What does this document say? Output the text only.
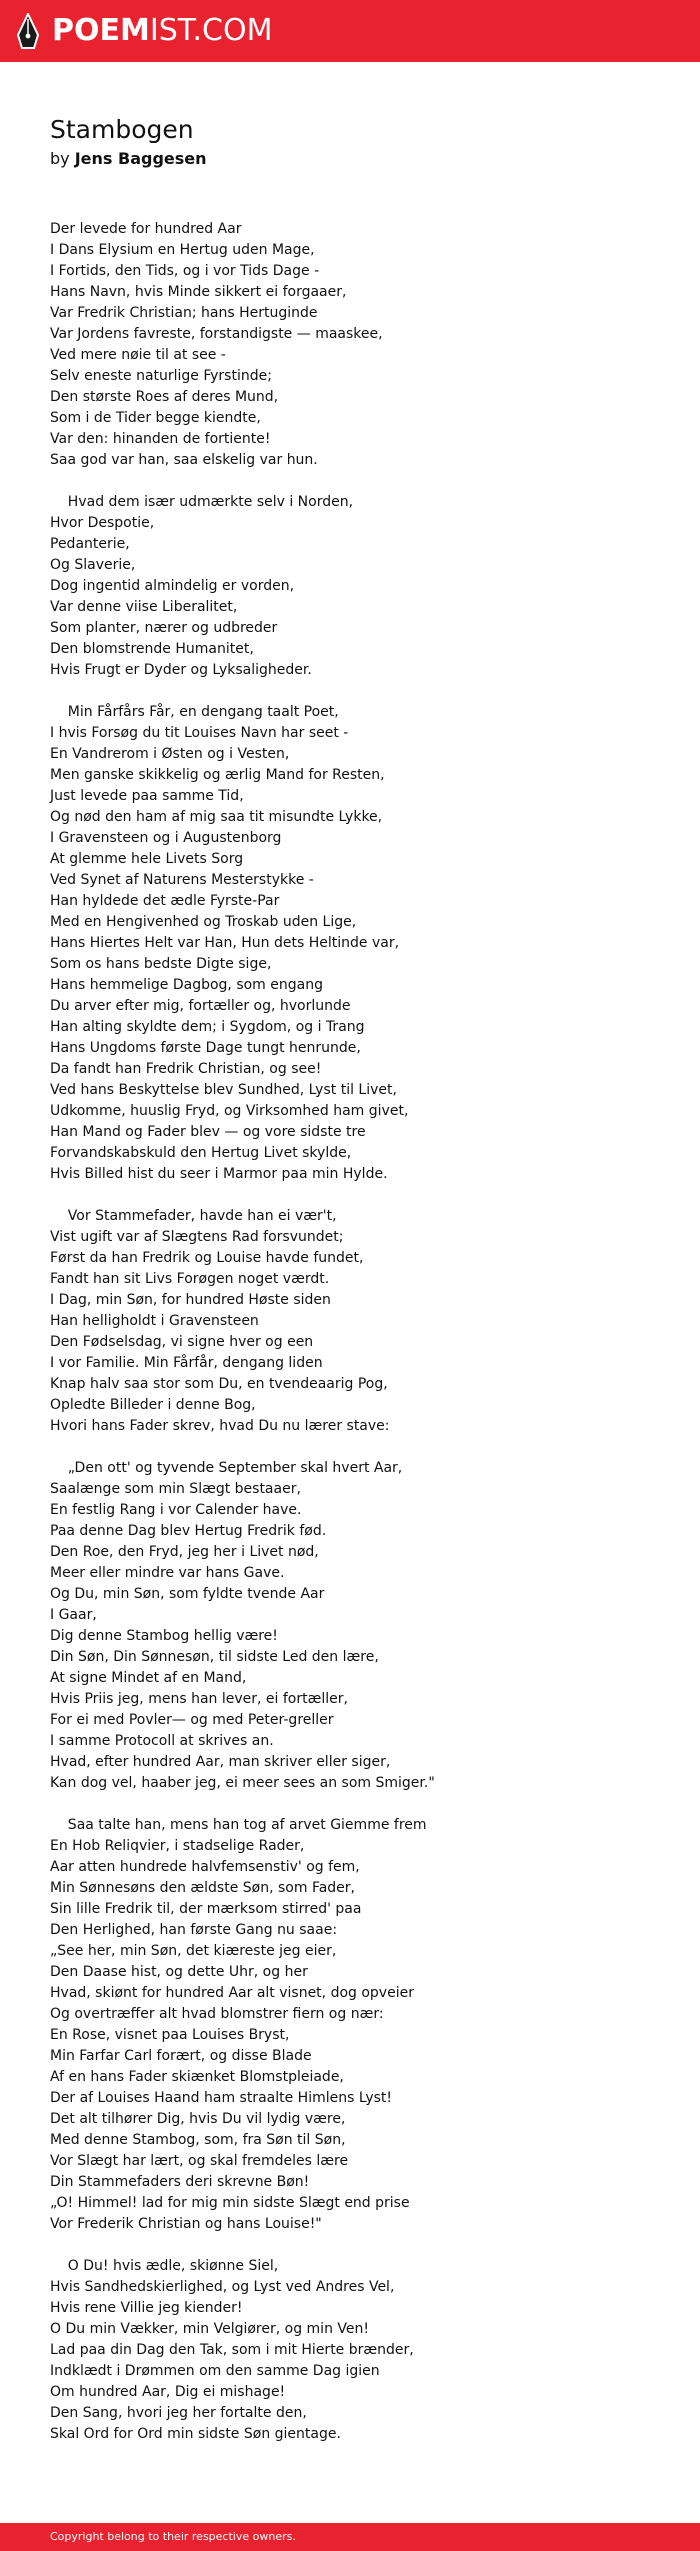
POEMIST.COM
Stambogen
by Jens Baggesen
Der levede for hundred Aar
I Dans Elysium en Hertug uden Mage,
I Fortids, den Tids, og i vor Tids Dage -
Hans Navn, hvis Minde sikkert ei forgaaer,
Var Fredrik Christian; hans Hertuginde
Var Jordens favreste, forstandigste — maaskee,
Ved mere nøie til at see -
Selv eneste naturlige Fyrstinde;
Den største Roes af deres Mund,
Som i de Tider begge kiendte,
Var den: hinanden de fortiente!
Saa god var han, saa elskelig var hun.
Hvad dem især udmærkte selv i Norden,
Hvor Despotie,
Pedanterie,
Og Slaverie,
Dog ingentid almindelig er vorden,
Var denne viise Liberalitet,
Som planter, nærer og udbreder
Den blomstrende Humanitet,
Hvis Frugt er Dyder og Lyksaligheder.
Min Fårfårs Får, en dengang taalt Poet,
I hvis Forsøg du tit Louises Navn har seet -
En Vandrerom i Østen og i Vesten,
Men ganske skikkelig og ærlig Mand for Resten,
Just levede paa samme Tid,
Og nød den ham af mig saa tit misundte Lykke,
I Gravensteen og i Augustenborg
At glemme hele Livets Sorg
Ved Synet af Naturens Mesterstykke -
Han hyldede det ædle Fyrste-Par
Med en Hengivenhed og Troskab uden Lige,
Hans Hiertes Helt var Han, Hun dets Heltinde var,
Som os hans bedste Digte sige,
Hans hemmelige Dagbog, som engang
Du arver efter mig, fortæller og, hvorlunde
Han alting skyldte dem; i Sygdom, og i Trang
Hans Ungdoms første Dage tungt henrunde,
Da fandt han Fredrik Christian, og see!
Ved hans Beskyttelse blev Sundhed, Lyst til Livet,
Udkomme, huuslig Fryd, og Virksomhed ham givet,
Han Mand og Fader blev — og vore sidste tre
Forvandskabskuld den Hertug Livet skylde,
Hvis Billed hist du seer i Marmor paa min Hylde.
Vor Stammefader, havde han ei vær't,
Vist ugift var af Slægtens Rad forsvundet;
Først da han Fredrik og Louise havde fundet,
Fandt han sit Livs Forøgen noget værdt.
I Dag, min Søn, for hundred Høste siden
Han helligholdt i Gravensteen
Den Fødselsdag, vi signe hver og een
I vor Familie. Min Fårfår, dengang liden
Knap halv saa stor som Du, en tvendeaarig Pog,
Opledte Billeder i denne Bog,
Hvori hans Fader skrev, hvad Du nu lærer stave:
„Den ott' og tyvende September skal hvert Aar,
Saalænge som min Slægt bestaaer,
En festlig Rang i vor Calender have.
Paa denne Dag blev Hertug Fredrik fød.
Den Roe, den Fryd, jeg her i Livet nød,
Meer eller mindre var hans Gave.
Og Du, min Søn, som fyldte tvende Aar
I Gaar,
Dig denne Stambog hellig være!
Din Søn, Din Sønnesøn, til sidste Led den lære,
At signe Mindet af en Mand,
Hvis Priis jeg, mens han lever, ei fortæller,
For ei med Povler— og med Peter-greller
I samme Protocoll at skrives an.
Hvad, efter hundred Aar, man skriver eller siger,
Kan dog vel, haaber jeg, ei meer sees an som Smiger."
Saa talte han, mens han tog af arvet Giemme frem
En Hob Reliqvier, i stadselige Rader,
Aar atten hundrede halvfemsenstiv' og fem,
Min Sønnesøns den ældste Søn, som Fader,
Sin lille Fredrik til, der mærksom stirred' paa
Den Herlighed, han første Gang nu saae:
„See her, min Søn, det kiæreste jeg eier,
Den Daase hist, og dette Uhr, og her
Hvad, skiønt for hundred Aar alt visnet, dog opveier
Og overtræffer alt hvad blomstrer fiern og nær:
En Rose, visnet paa Louises Bryst,
Min Farfar Carl forært, og disse Blade
Af en hans Fader skiænket Blomstpleiade,
Der af Louises Haand ham straalte Himlens Lyst!
Det alt tilhører Dig, hvis Du vil lydig være,
Med denne Stambog, som, fra Søn til Søn,
Vor Slægt har lært, og skal fremdeles lære
Din Stammefaders deri skrevne Bøn!
„O! Himmel! lad for mig min sidste Slægt end prise
Vor Frederik Christian og hans Louise!"
O Du! hvis ædle, skiønne Siel,
Hvis Sandhedskierlighed, og Lyst ved Andres Vel,
Hvis rene Villie jeg kiender!
O Du min Vækker, min Velgiører, og min Ven!
Lad paa din Dag den Tak, som i mit Hierte brænder,
Indklædt i Drømmen om den samme Dag igien
Om hundred Aar, Dig ei mishage!
Den Sang, hvori jeg her fortalte den,
Skal Ord for Ord min sidste Søn gientage.
Copyright belong to their respective owners.
